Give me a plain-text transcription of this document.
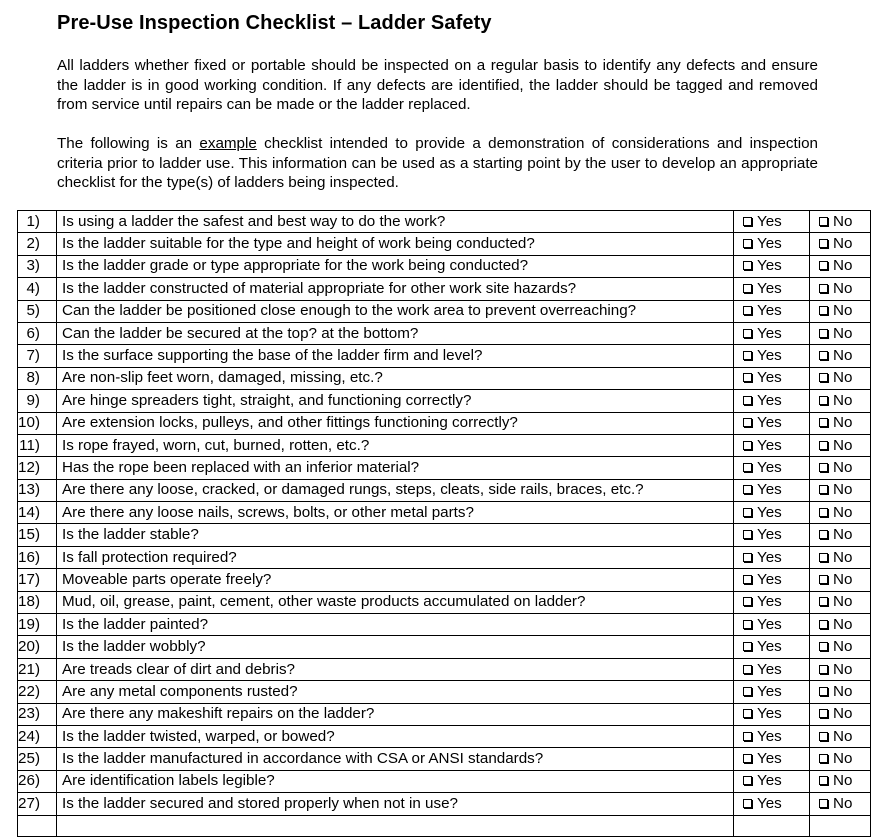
Pre-Use Inspection Checklist – Ladder Safety
All ladders whether fixed or portable should be inspected on a regular basis to identify any defects and ensure the ladder is in good working condition. If any defects are identified, the ladder should be tagged and removed from service until repairs can be made or the ladder replaced.
The following is an example checklist intended to provide a demonstration of considerations and inspection criteria prior to ladder use. This information can be used as a starting point by the user to develop an appropriate checklist for the type(s) of ladders being inspected.
1)	Is using a ladder the safest and best way to do the work?	Yes	No
2)	Is the ladder suitable for the type and height of work being conducted?	Yes	No
3)	Is the ladder grade or type appropriate for the work being conducted?	Yes	No
4)	Is the ladder constructed of material appropriate for other work site hazards?	Yes	No
5)	Can the ladder be positioned close enough to the work area to prevent overreaching?	Yes	No
6)	Can the ladder be secured at the top? at the bottom?	Yes	No
7)	Is the surface supporting the base of the ladder firm and level?	Yes	No
8)	Are non-slip feet worn, damaged, missing, etc.?	Yes	No
9)	Are hinge spreaders tight, straight, and functioning correctly?	Yes	No
10)	Are extension locks, pulleys, and other fittings functioning correctly?	Yes	No
11)	Is rope frayed, worn, cut, burned, rotten, etc.?	Yes	No
12)	Has the rope been replaced with an inferior material?	Yes	No
13)	Are there any loose, cracked, or damaged rungs, steps, cleats, side rails, braces, etc.?	Yes	No
14)	Are there any loose nails, screws, bolts, or other metal parts?	Yes	No
15)	Is the ladder stable?	Yes	No
16)	Is fall protection required?	Yes	No
17)	Moveable parts operate freely?	Yes	No
18)	Mud, oil, grease, paint, cement, other waste products accumulated on ladder?	Yes	No
19)	Is the ladder painted?	Yes	No
20)	Is the ladder wobbly?	Yes	No
21)	Are treads clear of dirt and debris?	Yes	No
22)	Are any metal components rusted?	Yes	No
23)	Are there any makeshift repairs on the ladder?	Yes	No
24)	Is the ladder twisted, warped, or bowed?	Yes	No
25)	Is the ladder manufactured in accordance with CSA or ANSI standards?	Yes	No
26)	Are identification labels legible?	Yes	No
27)	Is the ladder secured and stored properly when not in use?	Yes	No
